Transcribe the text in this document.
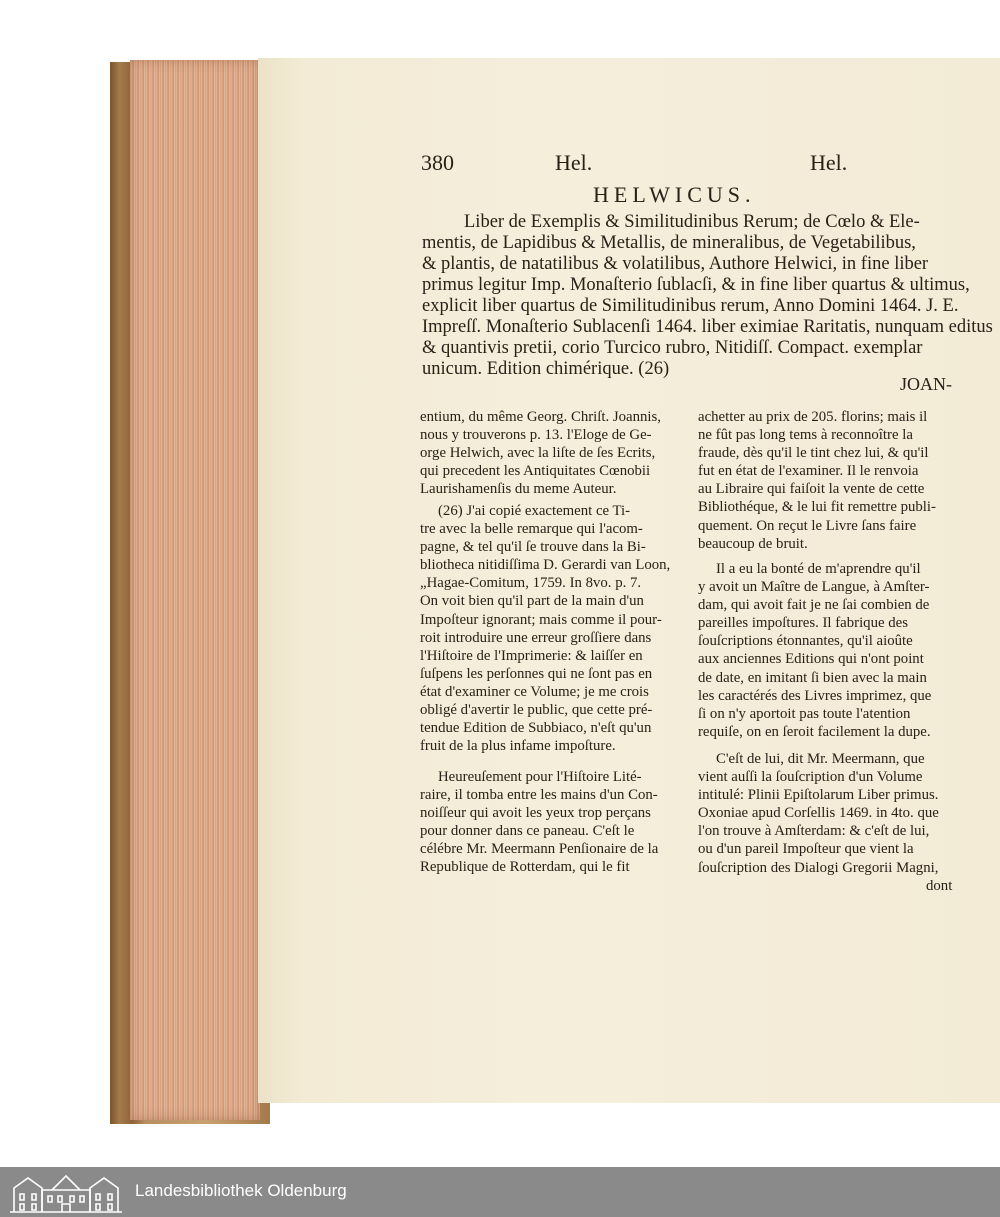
380	Hel.	Hel.
HELWICUS.
Liber de Exemplis & Similitudinibus Rerum; de Cœlo & Ele-
mentis, de Lapidibus & Metallis, de mineralibus, de Vegetabilibus,
& plantis, de natatilibus & volatilibus, Authore Helwici, in fine liber
primus legitur Imp. Monaſterio ſublacſi, & in fine liber quartus & ultimus,
explicit liber quartus de Similitudinibus rerum, Anno Domini 1464. J. E.
Impreſſ. Monaſterio Sublacenſi 1464. liber eximiae Raritatis, nunquam editus
& quantivis pretii, corio Turcico rubro, Nitidiſſ. Compact. exemplar
unicum. Edition chimérique. (26)
JOAN-
entium, du même Georg. Chriſt. Joannis,
nous y trouverons p. 13. l'Eloge de Ge-
orge Helwich, avec la liſte de ſes Ecrits,
qui precedent les Antiquitates Cœnobii
Laurishamenſis du meme Auteur.
(26) J'ai copié exactement ce Ti-
tre avec la belle remarque qui l'acom-
pagne, & tel qu'il ſe trouve dans la Bi-
bliotheca nitidiſſima D. Gerardi van Loon,
„Hagae-Comitum, 1759. In 8vo. p. 7.
On voit bien qu'il part de la main d'un
Impoſteur ignorant; mais comme il pour-
roit introduire une erreur groſſiere dans
l'Hiſtoire de l'Imprimerie: & laiſſer en
ſuſpens les perſonnes qui ne ſont pas en
état d'examiner ce Volume; je me crois
obligé d'avertir le public, que cette pré-
tendue Edition de Subbiaco, n'eſt qu'un
fruit de la plus infame impoſture.
Heureuſement pour l'Hiſtoire Lité-
raire, il tomba entre les mains d'un Con-
noiſſeur qui avoit les yeux trop perçans
pour donner dans ce paneau. C'eſt le
célébre Mr. Meermann Penſionaire de la
Republique de Rotterdam, qui le fit
achetter au prix de 205. florins; mais il
ne fût pas long tems à reconnoître la
fraude, dès qu'il le tint chez lui, & qu'il
fut en état de l'examiner. Il le renvoia
au Libraire qui faiſoit la vente de cette
Bibliothéque, & le lui fit remettre publi-
quement. On reçut le Livre ſans faire
beaucoup de bruit.
Il a eu la bonté de m'aprendre qu'il
y avoit un Maître de Langue, à Amſter-
dam, qui avoit fait je ne ſai combien de
pareilles impoſtures. Il fabrique des
ſouſcriptions étonnantes, qu'il aioûte
aux anciennes Editions qui n'ont point
de date, en imitant ſi bien avec la main
les caractérés des Livres imprimez, que
ſi on n'y aportoit pas toute l'atention
requiſe, on en ſeroit facilement la dupe.
C'eſt de lui, dit Mr. Meermann, que
vient auſſi la ſouſcription d'un Volume
intitulé: Plinii Epiſtolarum Liber primus.
Oxoniae apud Corſellis 1469. in 4to. que
l'on trouve à Amſterdam: & c'eſt de lui,
ou d'un pareil Impoſteur que vient la
ſouſcription des Dialogi Gregorii Magni,
dont
Landesbibliothek Oldenburg
